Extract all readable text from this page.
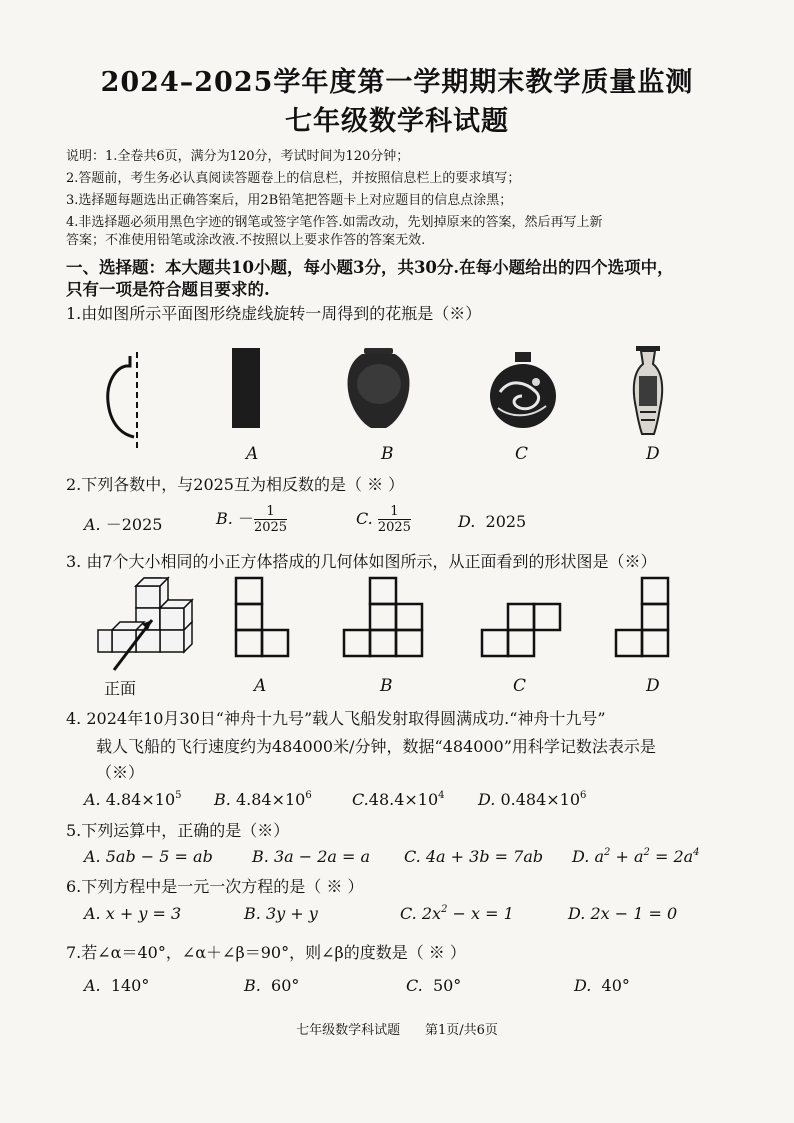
2024–2025学年度第一学期期末教学质量监测
七年级数学科试题
说明：1.全卷共6页，满分为120分，考试时间为120分钟；
2.答题前，考生务必认真阅读答题卷上的信息栏，并按照信息栏上的要求填写；
3.选择题每题选出正确答案后，用2B铅笔把答题卡上对应题目的信息点涂黑；
4.非选择题必须用黑色字迹的钢笔或签字笔作答.如需改动，先划掉原来的答案，然后再写上新
答案；不准使用铅笔或涂改液.不按照以上要求作答的答案无效.
一、选择题：本大题共10小题，每小题3分，共30分.在每小题给出的四个选项中，
只有一项是符合题目要求的.
1.由如图所示平面图形绕虚线旋转一周得到的花瓶是（※）
A	B	C	D
2.下列各数中，与2025互为相反数的是（ ※ ）
A. －2025	B. － $\frac{1}{2025}$	C. $\frac{1}{2025}$	D. 2025
3. 由7个大小相同的小正方体搭成的几何体如图所示，从正面看到的形状图是（※）
正面	A	B	C	D
4. 2024年10月30日“神舟十九号”载人飞船发射取得圆满成功.“神舟十九号”
载人飞船的飞行速度约为484000米/分钟，数据“484000”用科学记数法表示是
（※）
A. $4.84\times 10^5$ B. $4.84\times 10^6$	$C.48.4\times 10^4$ D. $0.484\times 10^6$
5.下列运算中，正确的是（※）
A. 5ab − 5 = ab B. 3a − 2a = a C. 4a + 3b = 7ab D. $a^2 + a^2 = 2a^4$
6.下列方程中是一元一次方程的是（ ※ ）
A. x + y = 3	B. 3y + y	C. $2x^2 - x = 1$	D. 2x − 1 = 0
7.若∠α＝40°，∠α＋∠β＝90°，则∠β的度数是（ ※ ）
A. 140°	B. 60°	C. 50°	D. 40°
七年级数学科试题 第1页/共6页
